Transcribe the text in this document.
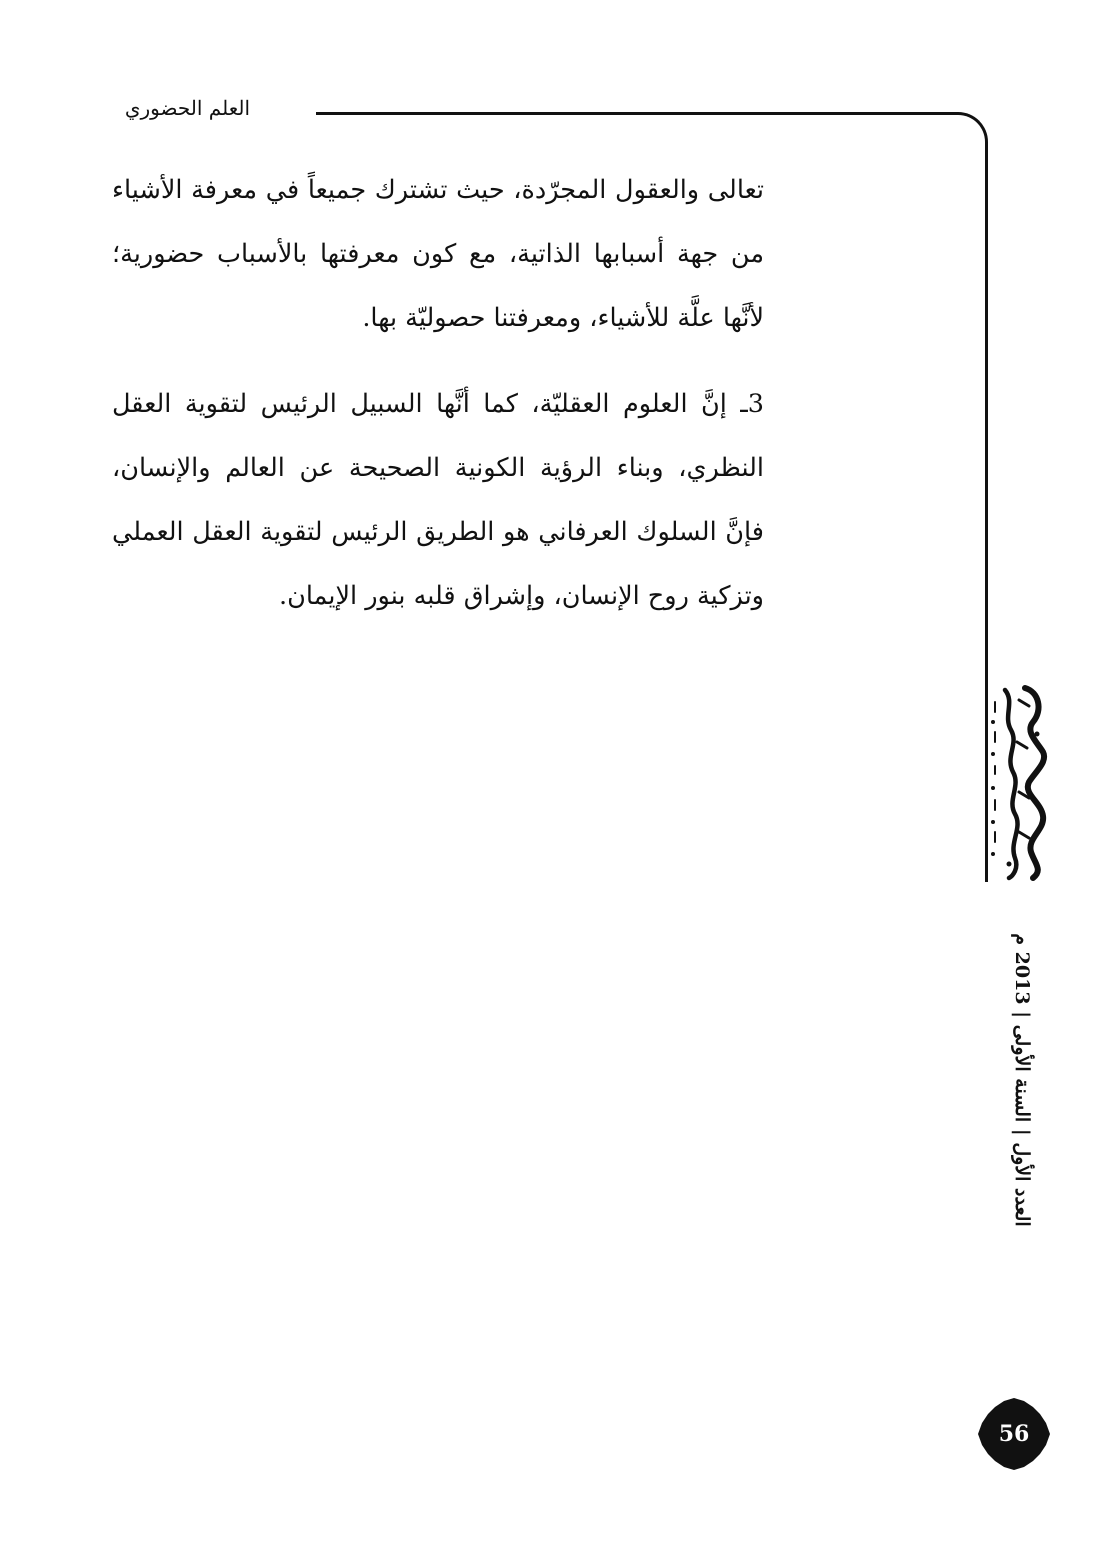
العلم الحضوري

تعالى والعقول المجرّدة، حيث تشترك جميعاً في معرفة الأشياء من جهة أسبابها الذاتية، مع كون معرفتها بالأسباب حضورية؛ لأنَّها علَّة للأشياء، ومعرفتنا حصوليّة بها.

3ـ إنَّ العلوم العقليّة، كما أنَّها السبيل الرئيس لتقوية العقل النظري، وبناء الرؤية الكونية الصحيحة عن العالم والإنسان، فإنَّ السلوك العرفاني هو الطريق الرئيس لتقوية العقل العملي وتزكية روح الإنسان، وإشراق قلبه بنور الإيمان.

العدد الأول | السنة الأولى | 2013 م
56
